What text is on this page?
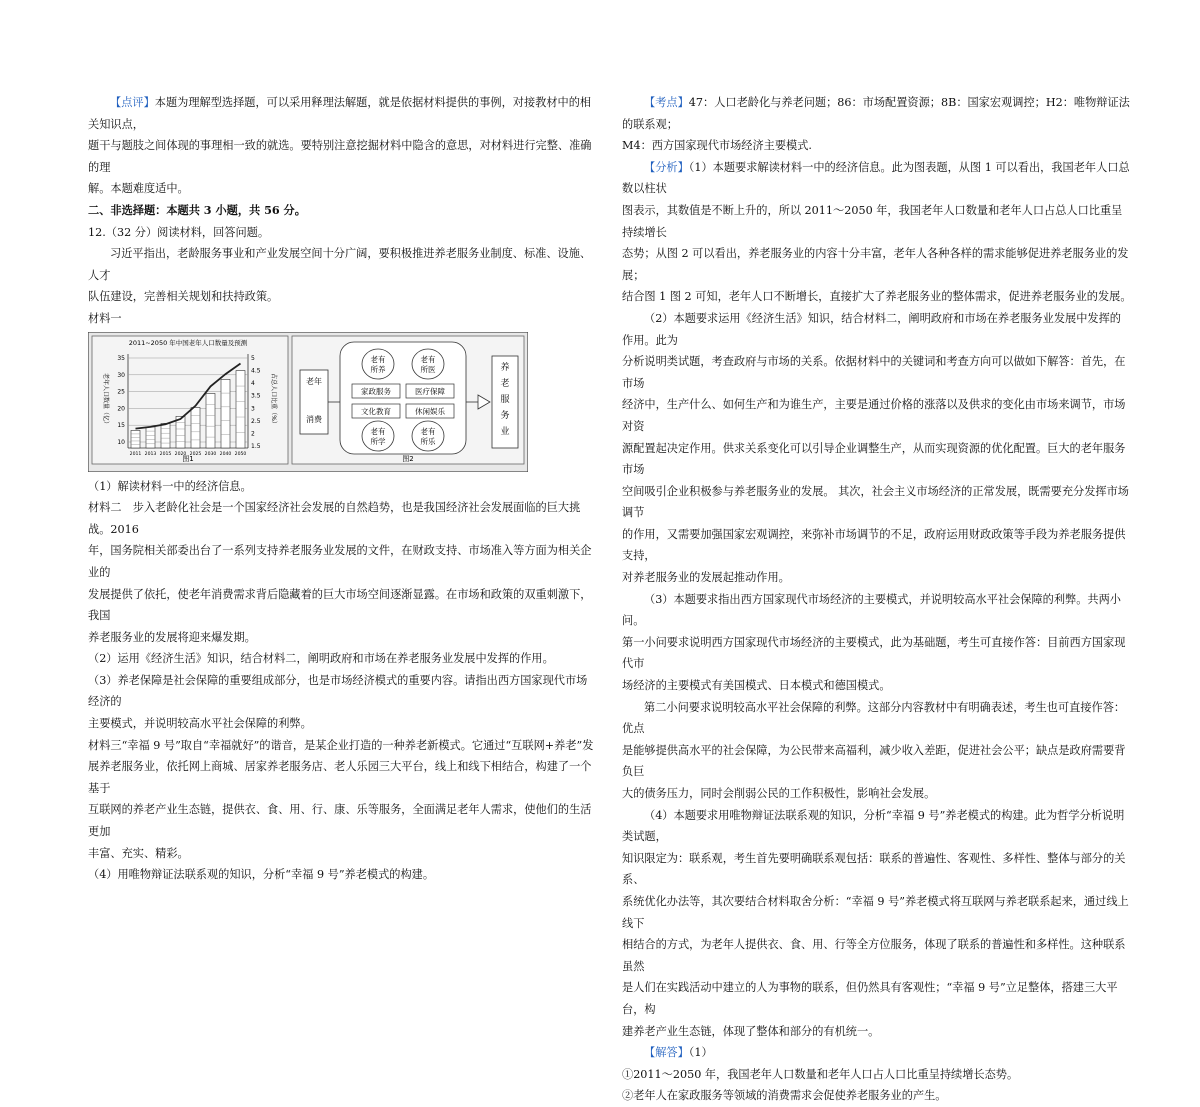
【点评】本题为理解型选择题，可以采用释理法解题，就是依据材料提供的事例，对接教材中的相关知识点，

题干与题肢之间体现的事理相一致的就选。要特别注意挖掘材料中隐含的意思，对材料进行完整、准确的理

解。本题难度适中。

二、非选择题：本题共 3 小题，共 56 分。

12.（32 分）阅读材料，回答问题。

习近平指出，老龄服务事业和产业发展空间十分广阔，要积极推进养老服务业制度、标准、设施、人才

队伍建设，完善相关规划和扶持政策。

材料一

2011~2050 年中国老年人口数量及预测
10
15
20
25
30
35
1.5
2
2.5
3
3.5
4
4.5
5
2011 2013 2015 2020 2025 2030 2040 2050
老年人口数量（亿）	占总人口比重（%）
图1
老年
消费
老有
所养
老有
所医
老有
所学
老有
所乐
家政服务	医疗保障
文化教育	休闲娱乐
养
老
服
务
业
图2

（1）解读材料一中的经济信息。

材料二　步入老龄化社会是一个国家经济社会发展的自然趋势，也是我国经济社会发展面临的巨大挑战。2016

年，国务院相关部委出台了一系列支持养老服务业发展的文件，在财政支持、市场准入等方面为相关企业的

发展提供了依托，使老年消费需求背后隐藏着的巨大市场空间逐渐显露。在市场和政策的双重刺激下，我国

养老服务业的发展将迎来爆发期。

（2）运用《经济生活》知识，结合材料二，阐明政府和市场在养老服务业发展中发挥的作用。

（3）养老保障是社会保障的重要组成部分，也是市场经济模式的重要内容。请指出西方国家现代市场经济的

主要模式，并说明较高水平社会保障的利弊。

材料三“幸福 9 号”取自“幸福就好”的谐音，是某企业打造的一种养老新模式。它通过“互联网+养老”发

展养老服务业，依托网上商城、居家养老服务店、老人乐园三大平台，线上和线下相结合，构建了一个基于

互联网的养老产业生态链，提供衣、食、用、行、康、乐等服务，全面满足老年人需求，使他们的生活更加

丰富、充实、精彩。

（4）用唯物辩证法联系观的知识，分析“幸福 9 号”养老模式的构建。

【考点】47：人口老龄化与养老问题；86：市场配置资源；8B：国家宏观调控；H2：唯物辩证法的联系观；

M4：西方国家现代市场经济主要模式.

【分析】（1）本题要求解读材料一中的经济信息。此为图表题，从图 1 可以看出，我国老年人口总数以柱状

图表示，其数值是不断上升的，所以 2011～2050 年，我国老年人口数量和老年人口占总人口比重呈持续增长

态势；从图 2 可以看出，养老服务业的内容十分丰富，老年人各种各样的需求能够促进养老服务业的发展；

结合图 1 图 2 可知，老年人口不断增长，直接扩大了养老服务业的整体需求，促进养老服务业的发展。

（2）本题要求运用《经济生活》知识，结合材料二，阐明政府和市场在养老服务业发展中发挥的作用。此为

分析说明类试题，考查政府与市场的关系。依据材料中的关键词和考查方向可以做如下解答：首先，在市场

经济中，生产什么、如何生产和为谁生产，主要是通过价格的涨落以及供求的变化由市场来调节，市场对资

源配置起决定作用。供求关系变化可以引导企业调整生产，从而实现资源的优化配置。巨大的老年服务市场

空间吸引企业积极参与养老服务业的发展。 其次，社会主义市场经济的正常发展，既需要充分发挥市场调节

的作用，又需要加强国家宏观调控，来弥补市场调节的不足，政府运用财政政策等手段为养老服务提供支持，

对养老服务业的发展起推动作用。

（3）本题要求指出西方国家现代市场经济的主要模式，并说明较高水平社会保障的利弊。共两小问。

第一小问要求说明西方国家现代市场经济的主要模式，此为基础题，考生可直接作答：目前西方国家现代市

场经济的主要模式有美国模式、日本模式和德国模式。

第二小问要求说明较高水平社会保障的利弊。这部分内容教材中有明确表述，考生也可直接作答：优点

是能够提供高水平的社会保障，为公民带来高福利，减少收入差距，促进社会公平；缺点是政府需要背负巨

大的债务压力，同时会削弱公民的工作积极性，影响社会发展。

（4）本题要求用唯物辩证法联系观的知识，分析“幸福 9 号”养老模式的构建。此为哲学分析说明类试题，

知识限定为：联系观，考生首先要明确联系观包括：联系的普遍性、客观性、多样性、整体与部分的关系、

系统优化办法等，其次要结合材料取舍分析：“幸福 9 号”养老模式将互联网与养老联系起来，通过线上线下

相结合的方式，为老年人提供衣、食、用、行等全方位服务，体现了联系的普遍性和多样性。这种联系虽然

是人们在实践活动中建立的人为事物的联系，但仍然具有客观性；“幸福 9 号”立足整体，搭建三大平台，构

建养老产业生态链，体现了整体和部分的有机统一。

【解答】（1）

①2011～2050 年，我国老年人口数量和老年人口占人口比重呈持续增长态势。

②老年人在家政服务等领域的消费需求会促使养老服务业的产生。
